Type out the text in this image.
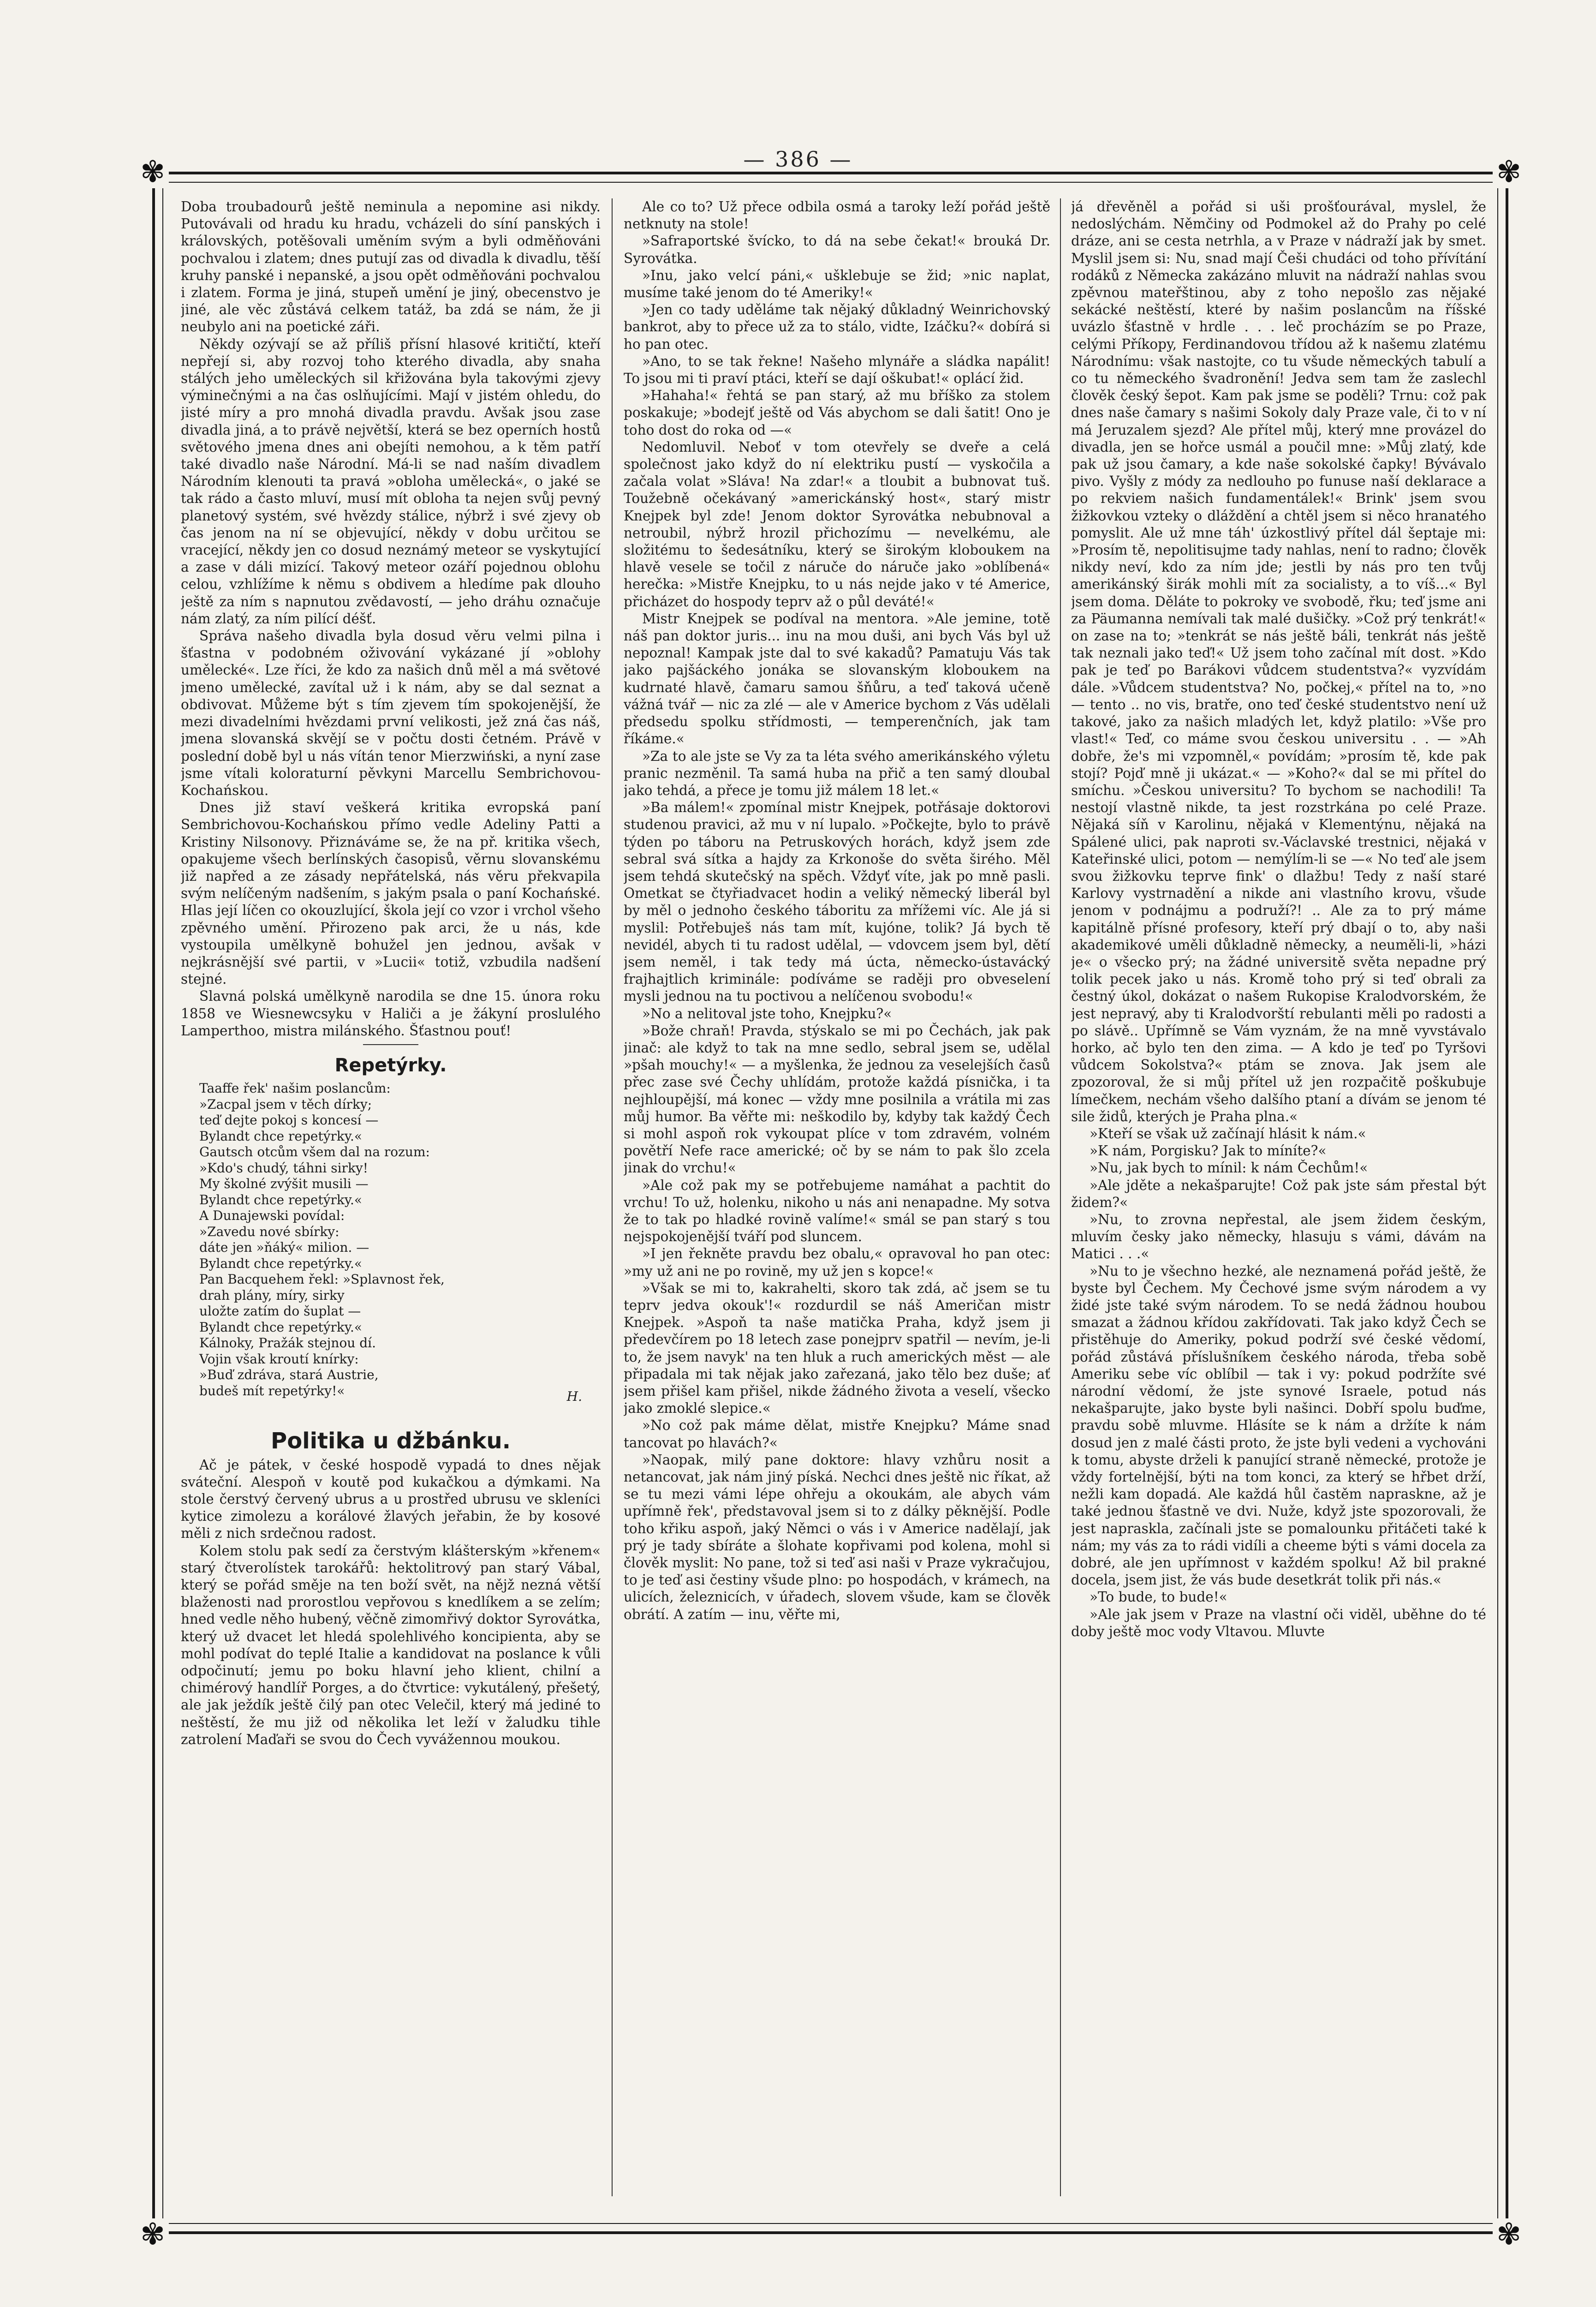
— 386 —
✾	✾
✾	✾

Doba troubadourů ještě neminula a nepomine asi nikdy. Putovávali od hradu ku hradu, vcházeli do síní panských i královských, potěšovali uměním svým a byli odměňováni pochvalou i zlatem; dnes putují zas od divadla k divadlu, těší kruhy panské i nepanské, a jsou opět odměňováni pochvalou i zlatem. Forma je jiná, stupeň umění je jiný, obecenstvo je jiné, ale věc zůstává celkem tatáž, ba zdá se nám, že ji neubylo ani na poetické záři.

Někdy ozývají se až příliš přísní hlasové kritičtí, kteří nepřejí si, aby rozvoj toho kterého divadla, aby snaha stálých jeho uměleckých sil křižována byla takovými zjevy výminečnými a na čas oslňujícími. Mají v jistém ohledu, do jisté míry a pro mnohá divadla pravdu. Avšak jsou zase divadla jiná, a to právě největší, která se bez operních hostů světového jmena dnes ani obejíti nemohou, a k těm patří také divadlo naše Národní. Má-li se nad naším divadlem Národním klenouti ta pravá »obloha umělecká«, o jaké se tak rádo a často mluví, musí mít obloha ta nejen svůj pevný planetový systém, své hvězdy stálice, nýbrž i své zjevy ob čas jenom na ní se objevující, někdy v dobu určitou se vracející, někdy jen co dosud neznámý meteor se vyskytující a zase v dáli mizící. Takový meteor ozáří pojednou oblohu celou, vzhlížíme k němu s obdivem a hledíme pak dlouho ještě za ním s napnutou zvědavostí, — jeho dráhu označuje nám zlatý, za ním pilící déšť.

Správa našeho divadla byla dosud věru velmi pilna i šťastna v podobném oživování vykázané jí »oblohy umělecké«. Lze říci, že kdo za našich dnů měl a má světové jmeno umělecké, zavítal už i k nám, aby se dal seznat a obdivovat. Můžeme být s tím zjevem tím spokojenější, že mezi divadelními hvězdami první velikosti, jež zná čas náš, jmena slovanská skvějí se v počtu dosti četném. Právě v poslední době byl u nás vítán tenor Mierzwiński, a nyní zase jsme vítali koloraturní pěvkyni Marcellu Sembrichovou-Kochańskou.

Dnes již staví veškerá kritika evropská paní Sembrichovou-Kochańskou přímo vedle Adeliny Patti a Kristiny Nilsonovy. Přiznáváme se, že na př. kritika všech, opakujeme všech berlínských časopisů, věrnu slovanskému již napřed a ze zásady nepřátelská, nás věru překvapila svým nelíčeným nadšením, s jakým psala o paní Kochańské. Hlas její líčen co okouzlující, škola její co vzor i vrchol všeho zpěvného umění. Přirozeno pak arci, že u nás, kde vystoupila umělkyně bohužel jen jednou, avšak v nejkrásnější své partii, v »Lucii« totiž, vzbudila nadšení stejné.

Slavná polská umělkyně narodila se dne 15. února roku 1858 ve Wiesnewcsyku v Haliči a je žákyní proslulého Lamperthoo, mistra milánského. Šťastnou pouť!

Repetýrky.
Taaffe řek' našim poslancům:
»Zacpal jsem v těch dírky;
teď dejte pokoj s koncesí —
Bylandt chce repetýrky.«
Gautsch otcům všem dal na rozum:
»Kdo's chudý, táhni sirky!
My školné zvýšit musili —
Bylandt chce repetýrky.«
A Dunajewski povídal:
»Zavedu nové sbírky:
dáte jen »ňáký« milion. —
Bylandt chce repetýrky.«
Pan Bacquehem řekl: »Splavnost řek,
drah plány, míry, sirky
uložte zatím do šuplat —
Bylandt chce repetýrky.«
Kálnoky, Pražák stejnou dí.
Vojin však kroutí knírky:
»Buď zdráva, stará Austrie,
budeš mít repetýrky!«	H.
Politika u džbánku.

Ač je pátek, v české hospodě vypadá to dnes nějak sváteční. Alespoň v koutě pod kukačkou a dýmkami. Na stole čerstvý červený ubrus a u prostřed ubrusu ve skleníci kytice zimolezu a korálové žlavých jeřabin, že by kosové měli z nich srdečnou radost.

Kolem stolu pak sedí za čerstvým klášterským »křenem« starý čtverolístek tarokářů: hektolitrový pan starý Vábal, který se pořád směje na ten boží svět, na nějž nezná větší blaženosti nad prorostlou vepřovou s knedlíkem a se zelím; hned vedle něho hubený, věčně zimomřivý doktor Syrovátka, který už dvacet let hledá spolehlivého koncipienta, aby se mohl podívat do teplé Italie a kandidovat na poslance k vůli odpočinutí; jemu po boku hlavní jeho klient, chilní a chimérový handlíř Porges, a do čtvrtice: vykutálený, přešetý, ale jak ježdík ještě čilý pan otec Velečil, který má jediné to neštěstí, že mu již od několika let leží v žaludku tihle zatrolení Maďaři se svou do Čech vyvážennou moukou.

Ale co to? Už přece odbila osmá a taroky leží pořád ještě netknuty na stole!

»Safraportské švícko, to dá na sebe čekat!« brouká Dr. Syrovátka.

»Inu, jako velcí páni,« ušklebuje se žid; »nic naplat, musíme také jenom do té Ameriky!«

»Jen co tady uděláme tak nějaký důkladný Weinrichovský bankrot, aby to přece už za to stálo, vidte, Izáčku?« dobírá si ho pan otec.

»Ano, to se tak řekne! Našeho mlynáře a sládka napálit! To jsou mi ti praví ptáci, kteří se dají oškubat!« oplácí žid.

»Hahaha!« řehtá se pan starý, až mu bříško za stolem poskakuje; »bodejť ještě od Vás abychom se dali šatit! Ono je toho dost do roka od —«

Nedomluvil. Neboť v tom otevřely se dveře a celá společnost jako když do ní elektriku pustí — vyskočila a začala volat »Sláva! Na zdar!« a tloubit a bubnovat tuš. Toužebně očekávaný »americkánský host«, starý mistr Knejpek byl zde! Jenom doktor Syrovátka nebubnoval a netroubil, nýbrž hrozil přichozímu — nevelkému, ale složitému to šedesátníku, který se širokým kloboukem na hlavě vesele se točil z náruče do náruče jako »oblíbená« herečka: »Mistře Knejpku, to u nás nejde jako v té Americe, přicházet do hospody teprv až o půl deváté!«

Mistr Knejpek se podíval na mentora. »Ale jemine, totě náš pan doktor juris... inu na mou duši, ani bych Vás byl už nepoznal! Kampak jste dal to své kakadů? Pamatuju Vás tak jako pajšáckého jonáka se slovanským kloboukem na kudrnaté hlavě, čamaru samou šňůru, a teď taková učeně vážná tvář — nic za zlé — ale v Americe bychom z Vás udělali předsedu spolku střídmosti, — temperenčních, jak tam říkáme.«

»Za to ale jste se Vy za ta léta svého amerikánského výletu pranic nezměnil. Ta samá huba na přič a ten samý dloubal jako tehdá, a přece je tomu již málem 18 let.«

»Ba málem!« zpomínal mistr Knejpek, potřásaje doktorovi studenou pravici, až mu v ní lupalo. »Počkejte, bylo to právě týden po táboru na Petruskových horách, když jsem zde sebral svá sítka a hajdy za Krkonoše do světa širého. Měl jsem tehdá skutečský na spěch. Vždyť víte, jak po mně pasli. Ometkat se čtyřiadvacet hodin a veliký německý liberál byl by měl o jednoho českého táboritu za mřížemi víc. Ale já si myslil: Potřebuješ nás tam mít, kujóne, tolik? Já bych tě nevidél, abych ti tu radost udělal, — vdovcem jsem byl, dětí jsem neměl, i tak tedy má úcta, německo-ústavácký frajhajtlich kriminále: podíváme se raději pro obveselení mysli jednou na tu poctivou a nelíčenou svobodu!«

»No a nelitoval jste toho, Knejpku?«

»Bože chraň! Pravda, stýskalo se mi po Čechách, jak pak jinač: ale když to tak na mne sedlo, sebral jsem se, udělal »pšah mouchy!« — a myšlenka, že jednou za veselejších časů přec zase své Čechy uhlídám, protože každá písnička, i ta nejhloupější, má konec — vždy mne posilnila a vrátila mi zas můj humor. Ba věřte mi: neškodilo by, kdyby tak každý Čech si mohl aspoň rok vykoupat plíce v tom zdravém, volném povětří Nefe race americké; oč by se nám to pak šlo zcela jinak do vrchu!«

»Ale což pak my se potřebujeme namáhat a pachtit do vrchu! To už, holenku, nikoho u nás ani nenapadne. My sotva že to tak po hladké rovině valíme!« smál se pan starý s tou nejspokojenější tváří pod sluncem.

»I jen řekněte pravdu bez obalu,« opravoval ho pan otec: »my už ani ne po rovině, my už jen s kopce!«

»Však se mi to, kakrahelti, skoro tak zdá, ač jsem se tu teprv jedva okouk'!« rozdurdil se náš Američan mistr Knejpek. »Aspoň ta naše matička Praha, když jsem ji předevčírem po 18 letech zase ponejprv spatřil — nevím, je-li to, že jsem navyk' na ten hluk a ruch amerických měst — ale připadala mi tak nějak jako zařezaná, jako tělo bez duše; ať jsem přišel kam přišel, nikde žádného života a veselí, všecko jako zmoklé slepice.«

»No což pak máme dělat, mistře Knejpku? Máme snad tancovat po hlavách?«

»Naopak, milý pane doktore: hlavy vzhůru nosit a netancovat, jak nám jiný píská. Nechci dnes ještě nic říkat, až se tu mezi vámi lépe ohřeju a okoukám, ale abych vám upřímně řek', představoval jsem si to z dálky pěknější. Podle toho křiku aspoň, jaký Němci o vás i v Americe nadělají, jak prý je tady sbíráte a šlohate kopřivami pod kolena, mohl si člověk myslit: No pane, tož si teď asi naši v Praze vykračujou, to je teď asi čestiny všude plno: po hospodách, v krámech, na ulicích, železnicích, v úřadech, slovem všude, kam se člověk obrátí. A zatím — inu, věřte mi,

já dřevěněl a pořád si uši prošťourával, myslel, že nedoslýchám. Němčiny od Podmokel až do Prahy po celé dráze, ani se cesta netrhla, a v Praze v nádraží jak by smet. Myslil jsem si: Nu, snad mají Češi chudáci od toho přívítání rodáků z Německa zakázáno mluvit na nádraží nahlas svou zpěvnou mateřštinou, aby z toho nepošlo zas nějaké sekácké neštěstí, které by našim poslancům na říšské uvázlo šťastně v hrdle . . . leč procházím se po Praze, celými Příkopy, Ferdinandovou třídou až k našemu zlatému Národnímu: však nastojte, co tu všude německých tabulí a co tu německého švadronění! Jedva sem tam že zaslechl člověk český šepot. Kam pak jsme se poděli? Trnu: což pak dnes naše čamary s našimi Sokoly daly Praze vale, či to v ní má Jeruzalem sjezd? Ale přítel můj, který mne provázel do divadla, jen se hořce usmál a poučil mne: »Můj zlatý, kde pak už jsou čamary, a kde naše sokolské čapky! Bývávalo pivo. Vyšly z módy za nedlouho po funuse naší deklarace a po rekviem našich fundamentálek!« Brink' jsem svou žižkovkou vzteky o dláždění a chtěl jsem si něco hranatého pomyslit. Ale už mne táh' úzkostlivý přítel dál šeptaje mi: »Prosím tě, nepolitisujme tady nahlas, není to radno; člověk nikdy neví, kdo za ním jde; jestli by nás pro ten tvůj amerikánský širák mohli mít za socialisty, a to víš...« Byl jsem doma. Děláte to pokroky ve svobodě, řku; teď jsme ani za Päumanna nemívali tak malé dušičky. »Což prý tenkrát!« on zase na to; »tenkrát se nás ještě báli, tenkrát nás ještě tak neznali jako teď!« Už jsem toho začínal mít dost. »Kdo pak je teď po Barákovi vůdcem studentstva?« vyzvídám dále. »Vůdcem studentstva? No, počkej,« přítel na to, »no — tento .. no vis, bratře, ono teď české studentstvo není už takové, jako za našich mladých let, když platilo: »Vše pro vlast!« Teď, co máme svou českou universitu . . — »Ah dobře, že's mi vzpomněl,« povídám; »prosím tě, kde pak stojí? Pojď mně ji ukázat.« — »Koho?« dal se mi přítel do smíchu. »Českou universitu? To bychom se nachodili! Ta nestojí vlastně nikde, ta jest rozstrkána po celé Praze. Nějaká síň v Karolinu, nějaká v Klementýnu, nějaká na Spálené ulici, pak naproti sv.-Václavské trestnici, nějaká v Kateřinské ulici, potom — nemýlím-li se —« No teď ale jsem svou žižkovku teprve fink' o dlažbu! Tedy z naší staré Karlovy vystrnadění a nikde ani vlastního krovu, všude jenom v podnájmu a podruží?! .. Ale za to prý máme kapitálně přísné profesory, kteří prý dbají o to, aby naši akademikové uměli důkladně německy, a neuměli-li, »házi je« o všecko prý; na žádné universitě světa nepadne prý tolik pecek jako u nás. Kromě toho prý si teď obrali za čestný úkol, dokázat o našem Rukopise Kralodvorském, že jest nepravý, aby ti Kralodvorští rebulanti měli po radosti a po slávě.. Upřímně se Vám vyznám, že na mně vyvstávalo horko, ač bylo ten den zima. — A kdo je teď po Tyršovi vůdcem Sokolstva?« ptám se znova. Jak jsem ale zpozoroval, že si můj přítel už jen rozpačitě poškubuje límečkem, nechám všeho dalšího ptaní a dívám se jenom té sile židů, kterých je Praha plna.«

»Kteří se však už začínají hlásit k nám.«

»K nám, Porgisku? Jak to míníte?«

»Nu, jak bych to mínil: k nám Čechům!«

»Ale jděte a nekašparujte! Což pak jste sám přestal být židem?«

»Nu, to zrovna nepřestal, ale jsem židem českým, mluvím česky jako německy, hlasuju s vámi, dávám na Matici . . .«

»Nu to je všechno hezké, ale neznamená pořád ještě, že byste byl Čechem. My Čechové jsme svým národem a vy židé jste také svým národem. To se nedá žádnou houbou smazat a žádnou křídou zakřídovati. Tak jako když Čech se přistěhuje do Ameriky, pokud podrží své české vědomí, pořád zůstává příslušníkem českého národa, třeba sobě Ameriku sebe víc oblíbil — tak i vy: pokud podržíte své národní vědomí, že jste synové Israele, potud nás nekašparujte, jako byste byli našinci. Dobří spolu buďme, pravdu sobě mluvme. Hlásíte se k nám a držíte k nám dosud jen z malé části proto, že jste byli vedeni a vychováni k tomu, abyste drželi k panující straně německé, protože je vždy fortelnější, býti na tom konci, za který se hřbet drží, nežli kam dopadá. Ale každá hůl častěm napraskne, až je také jednou šťastně ve dvi. Nuže, když jste spozorovali, že jest napraskla, začínali jste se pomalounku přitáčeti také k nám; my vás za to rádi vidíli a cheeme býti s vámi docela za dobré, ale jen upřímnost v každém spolku! Až bil prakné docela, jsem jist, že vás bude desetkrát tolik při nás.«

»To bude, to bude!«

»Ale jak jsem v Praze na vlastní oči viděl, uběhne do té doby ještě moc vody Vltavou. Mluvte
